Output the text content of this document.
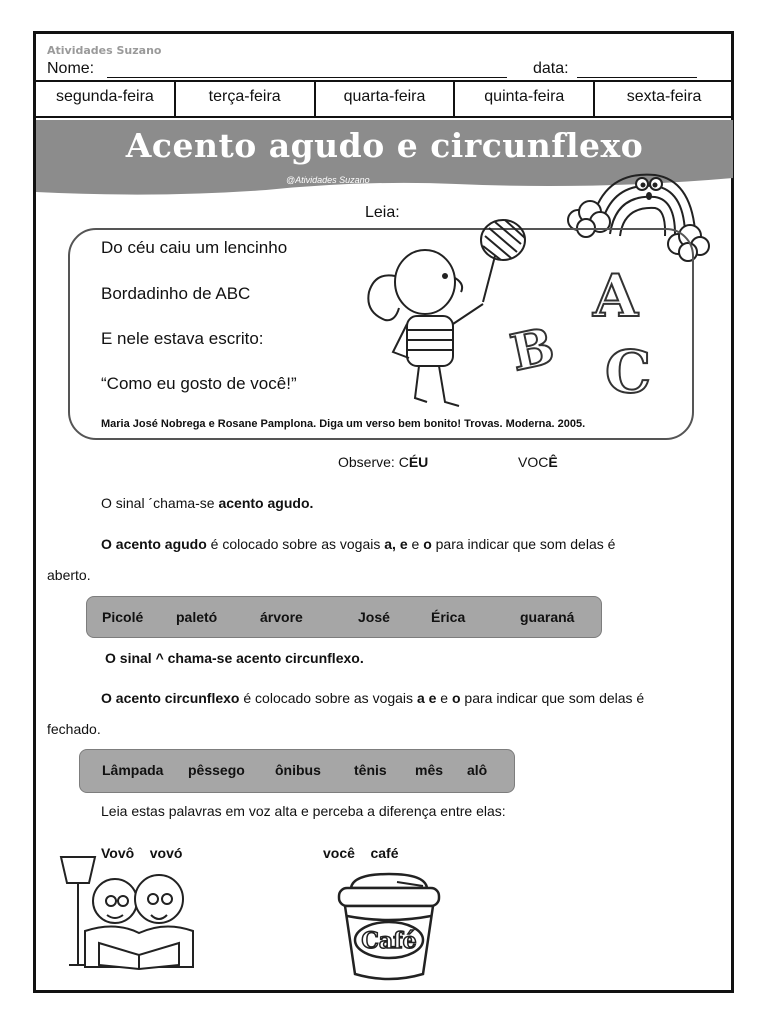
Atividades Suzano
Nome:	data:
segunda-feira	terça-feira	quarta-feira	quinta-feira	sexta-feira
Acento agudo e circunflexo
@Atividades Suzano
Leia:
Do céu caiu um lencinho
Bordadinho de ABC
E nele estava escrito:
“Como eu gosto de você!”
Maria José Nobrega e Rosane Pamplona. Diga um verso bem bonito! Trovas. Moderna. 2005.
A
B C
Observe: CÉU	VOCÊ
O sinal ´chama-se acento agudo.
O acento agudo é colocado sobre as vogais a, e e o para indicar que som delas é
aberto.
Picolé paletó	árvore	José	Érica	guaraná
O sinal ^ chama-se acento circunflexo.
O acento circunflexo é colocado sobre as vogais a e e o para indicar que som delas é
fechado.
Lâmpada pêssego ônibus tênis mês alô
Leia estas palavras em voz alta e perceba a diferença entre elas:
Vovô vovó	você café
Café
